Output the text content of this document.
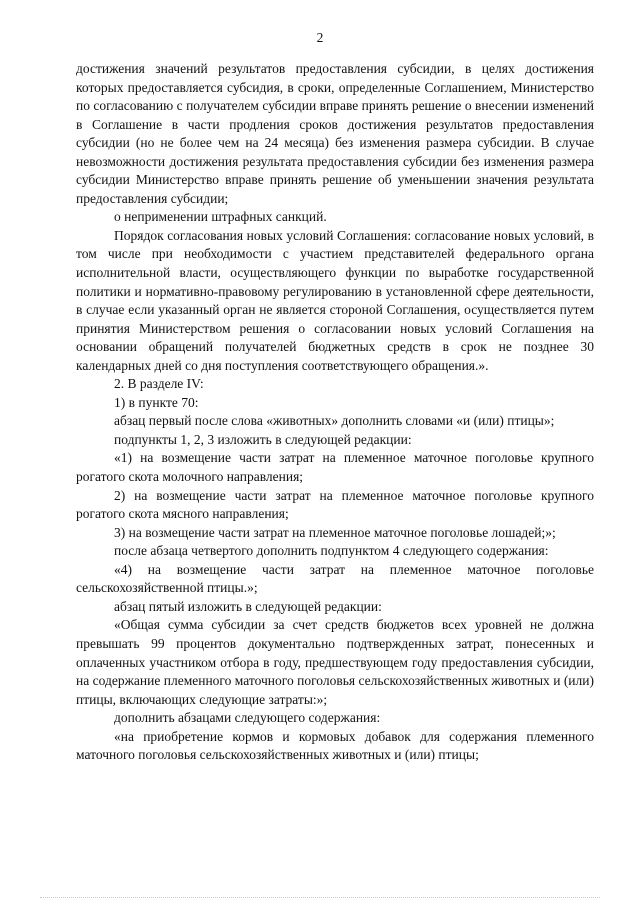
2

достижения значений результатов предоставления субсидии, в целях достижения которых предоставляется субсидия, в сроки, определенные Соглашением, Министерство по согласованию с получателем субсидии вправе принять решение о внесении изменений в Соглашение в части продления сроков достижения результатов предоставления субсидии (но не более чем на 24 месяца) без изменения размера субсидии. В случае невозможности достижения результата предоставления субсидии без изменения размера субсидии Министерство вправе принять решение об уменьшении значения результата предоставления субсидии;

о неприменении штрафных санкций.

Порядок согласования новых условий Соглашения: согласование новых условий, в том числе при необходимости с участием представителей федерального органа исполнительной власти, осуществляющего функции по выработке государственной политики и нормативно-правовому регулированию в установленной сфере деятельности, в случае если указанный орган не является стороной Соглашения, осуществляется путем принятия Министерством решения о согласовании новых условий Соглашения на основании обращений получателей бюджетных средств в срок не позднее 30 календарных дней со дня поступления соответствующего обращения.».

2. В разделе IV:

1) в пункте 70:

абзац первый после слова «животных» дополнить словами «и (или) птицы»;

подпункты 1, 2, 3 изложить в следующей редакции:

«1) на возмещение части затрат на племенное маточное поголовье крупного рогатого скота молочного направления;

2) на возмещение части затрат на племенное маточное поголовье крупного рогатого скота мясного направления;

3) на возмещение части затрат на племенное маточное поголовье лошадей;»;

после абзаца четвертого дополнить подпунктом 4 следующего содержания:

«4) на возмещение части затрат на племенное маточное поголовье сельскохозяйственной птицы.»;

абзац пятый изложить в следующей редакции:

«Общая сумма субсидии за счет средств бюджетов всех уровней не должна превышать 99 процентов документально подтвержденных затрат, понесенных и оплаченных участником отбора в году, предшествующем году предоставления субсидии, на содержание племенного маточного поголовья сельскохозяйственных животных и (или) птицы, включающих следующие затраты:»;

дополнить абзацами следующего содержания:

«на приобретение кормов и кормовых добавок для содержания племенного маточного поголовья сельскохозяйственных животных и (или) птицы;
